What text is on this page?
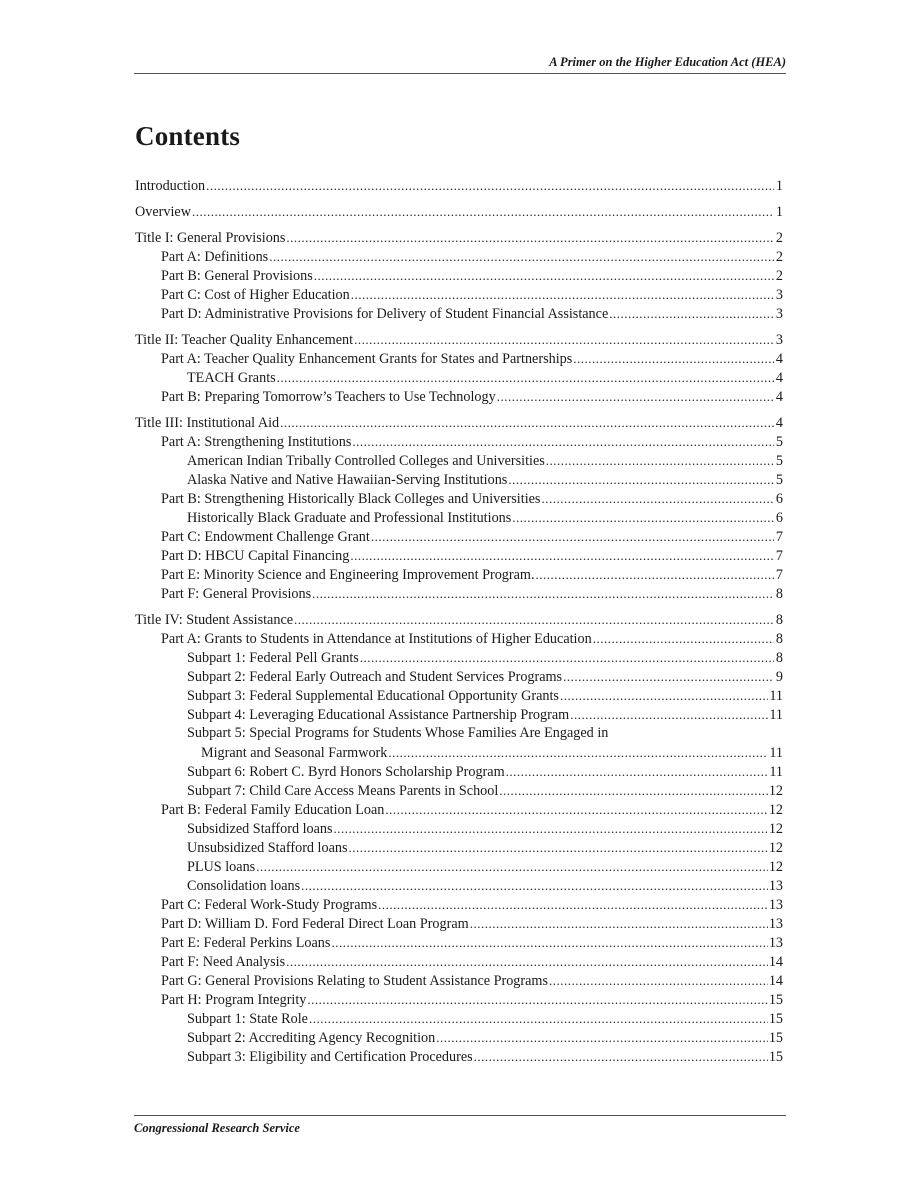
A Primer on the Higher Education Act (HEA)
Contents
Introduction .....	1
Overview .....	1
Title I: General Provisions .....	2
Part A: Definitions .....	2
Part B: General Provisions .....	2
Part C: Cost of Higher Education .....	3
Part D: Administrative Provisions for Delivery of Student Financial Assistance .....	3
Title II: Teacher Quality Enhancement .....	3
Part A: Teacher Quality Enhancement Grants for States and Partnerships .....	4
TEACH Grants .....	4
Part B: Preparing Tomorrow’s Teachers to Use Technology .....	4
Title III: Institutional Aid .....	4
Part A: Strengthening Institutions .....	5
American Indian Tribally Controlled Colleges and Universities .....	5
Alaska Native and Native Hawaiian-Serving Institutions .....	5
Part B: Strengthening Historically Black Colleges and Universities .....	6
Historically Black Graduate and Professional Institutions .....	6
Part C: Endowment Challenge Grant .....	7
Part D: HBCU Capital Financing .....	7
Part E: Minority Science and Engineering Improvement Program. .....	7
Part F: General Provisions .....	8
Title IV: Student Assistance .....	8
Part A: Grants to Students in Attendance at Institutions of Higher Education .....	8
Subpart 1: Federal Pell Grants .....	8
Subpart 2: Federal Early Outreach and Student Services Programs .....	9
Subpart 3: Federal Supplemental Educational Opportunity Grants .....	11
Subpart 4: Leveraging Educational Assistance Partnership Program .....	11
Subpart 5: Special Programs for Students Whose Families Are Engaged in
Migrant and Seasonal Farmwork .....	11
Subpart 6: Robert C. Byrd Honors Scholarship Program .....	11
Subpart 7: Child Care Access Means Parents in School .....	12
Part B: Federal Family Education Loan .....	12
Subsidized Stafford loans .....	12
Unsubsidized Stafford loans .....	12
PLUS loans .....	12
Consolidation loans .....	13
Part C: Federal Work-Study Programs .....	13
Part D: William D. Ford Federal Direct Loan Program .....	13
Part E: Federal Perkins Loans .....	13
Part F: Need Analysis .....	14
Part G: General Provisions Relating to Student Assistance Programs .....	14
Part H: Program Integrity .....	15
Subpart 1: State Role .....	15
Subpart 2: Accrediting Agency Recognition .....	15
Subpart 3: Eligibility and Certification Procedures .....	15
Congressional Research Service
